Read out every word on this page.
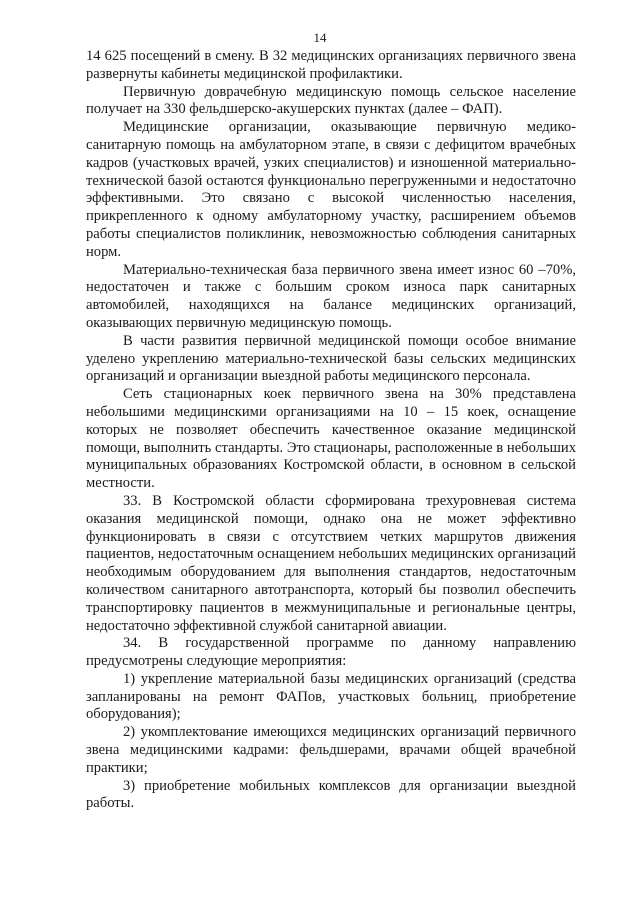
14

14 625 посещений в смену. В 32 медицинских организациях первичного звена развернуты кабинеты медицинской профилактики.

Первичную доврачебную медицинскую помощь сельское население получает на 330 фельдшерско-акушерских пунктах (далее – ФАП).

Медицинские организации, оказывающие первичную медико-санитарную помощь на амбулаторном этапе, в связи с дефицитом врачебных кадров (участковых врачей, узких специалистов) и изношенной материально-технической базой остаются функционально перегруженными и недостаточно эффективными. Это связано с высокой численностью населения, прикрепленного к одному амбулаторному участку, расширением объемов работы специалистов поликлиник, невозможностью соблюдения санитарных норм.

Материально-техническая база первичного звена имеет износ 60 –70%, недостаточен и также с большим сроком износа парк санитарных автомобилей, находящихся на балансе медицинских организаций, оказывающих первичную медицинскую помощь.

В части развития первичной медицинской помощи особое внимание уделено укреплению материально-технической базы сельских медицинских организаций и организации выездной работы медицинского персонала.

Сеть стационарных коек первичного звена на 30% представлена небольшими медицинскими организациями на 10 – 15 коек, оснащение которых не позволяет обеспечить качественное оказание медицинской помощи, выполнить стандарты. Это стационары, расположенные в небольших муниципальных образованиях Костромской области, в основном в сельской местности.

33. В Костромской области сформирована трехуровневая система оказания медицинской помощи, однако она не может эффективно функционировать в связи с отсутствием четких маршрутов движения пациентов, недостаточным оснащением небольших медицинских организаций необходимым оборудованием для выполнения стандартов, недостаточным количеством санитарного автотранспорта, который бы позволил обеспечить транспортировку пациентов в межмуниципальные и региональные центры, недостаточно эффективной службой санитарной авиации.

34. В государственной программе по данному направлению предусмотрены следующие мероприятия:

1) укрепление материальной базы медицинских организаций (средства запланированы на ремонт ФАПов, участковых больниц, приобретение оборудования);

2) укомплектование имеющихся медицинских организаций первичного звена медицинскими кадрами: фельдшерами, врачами общей врачебной практики;

3) приобретение мобильных комплексов для организации выездной работы.
